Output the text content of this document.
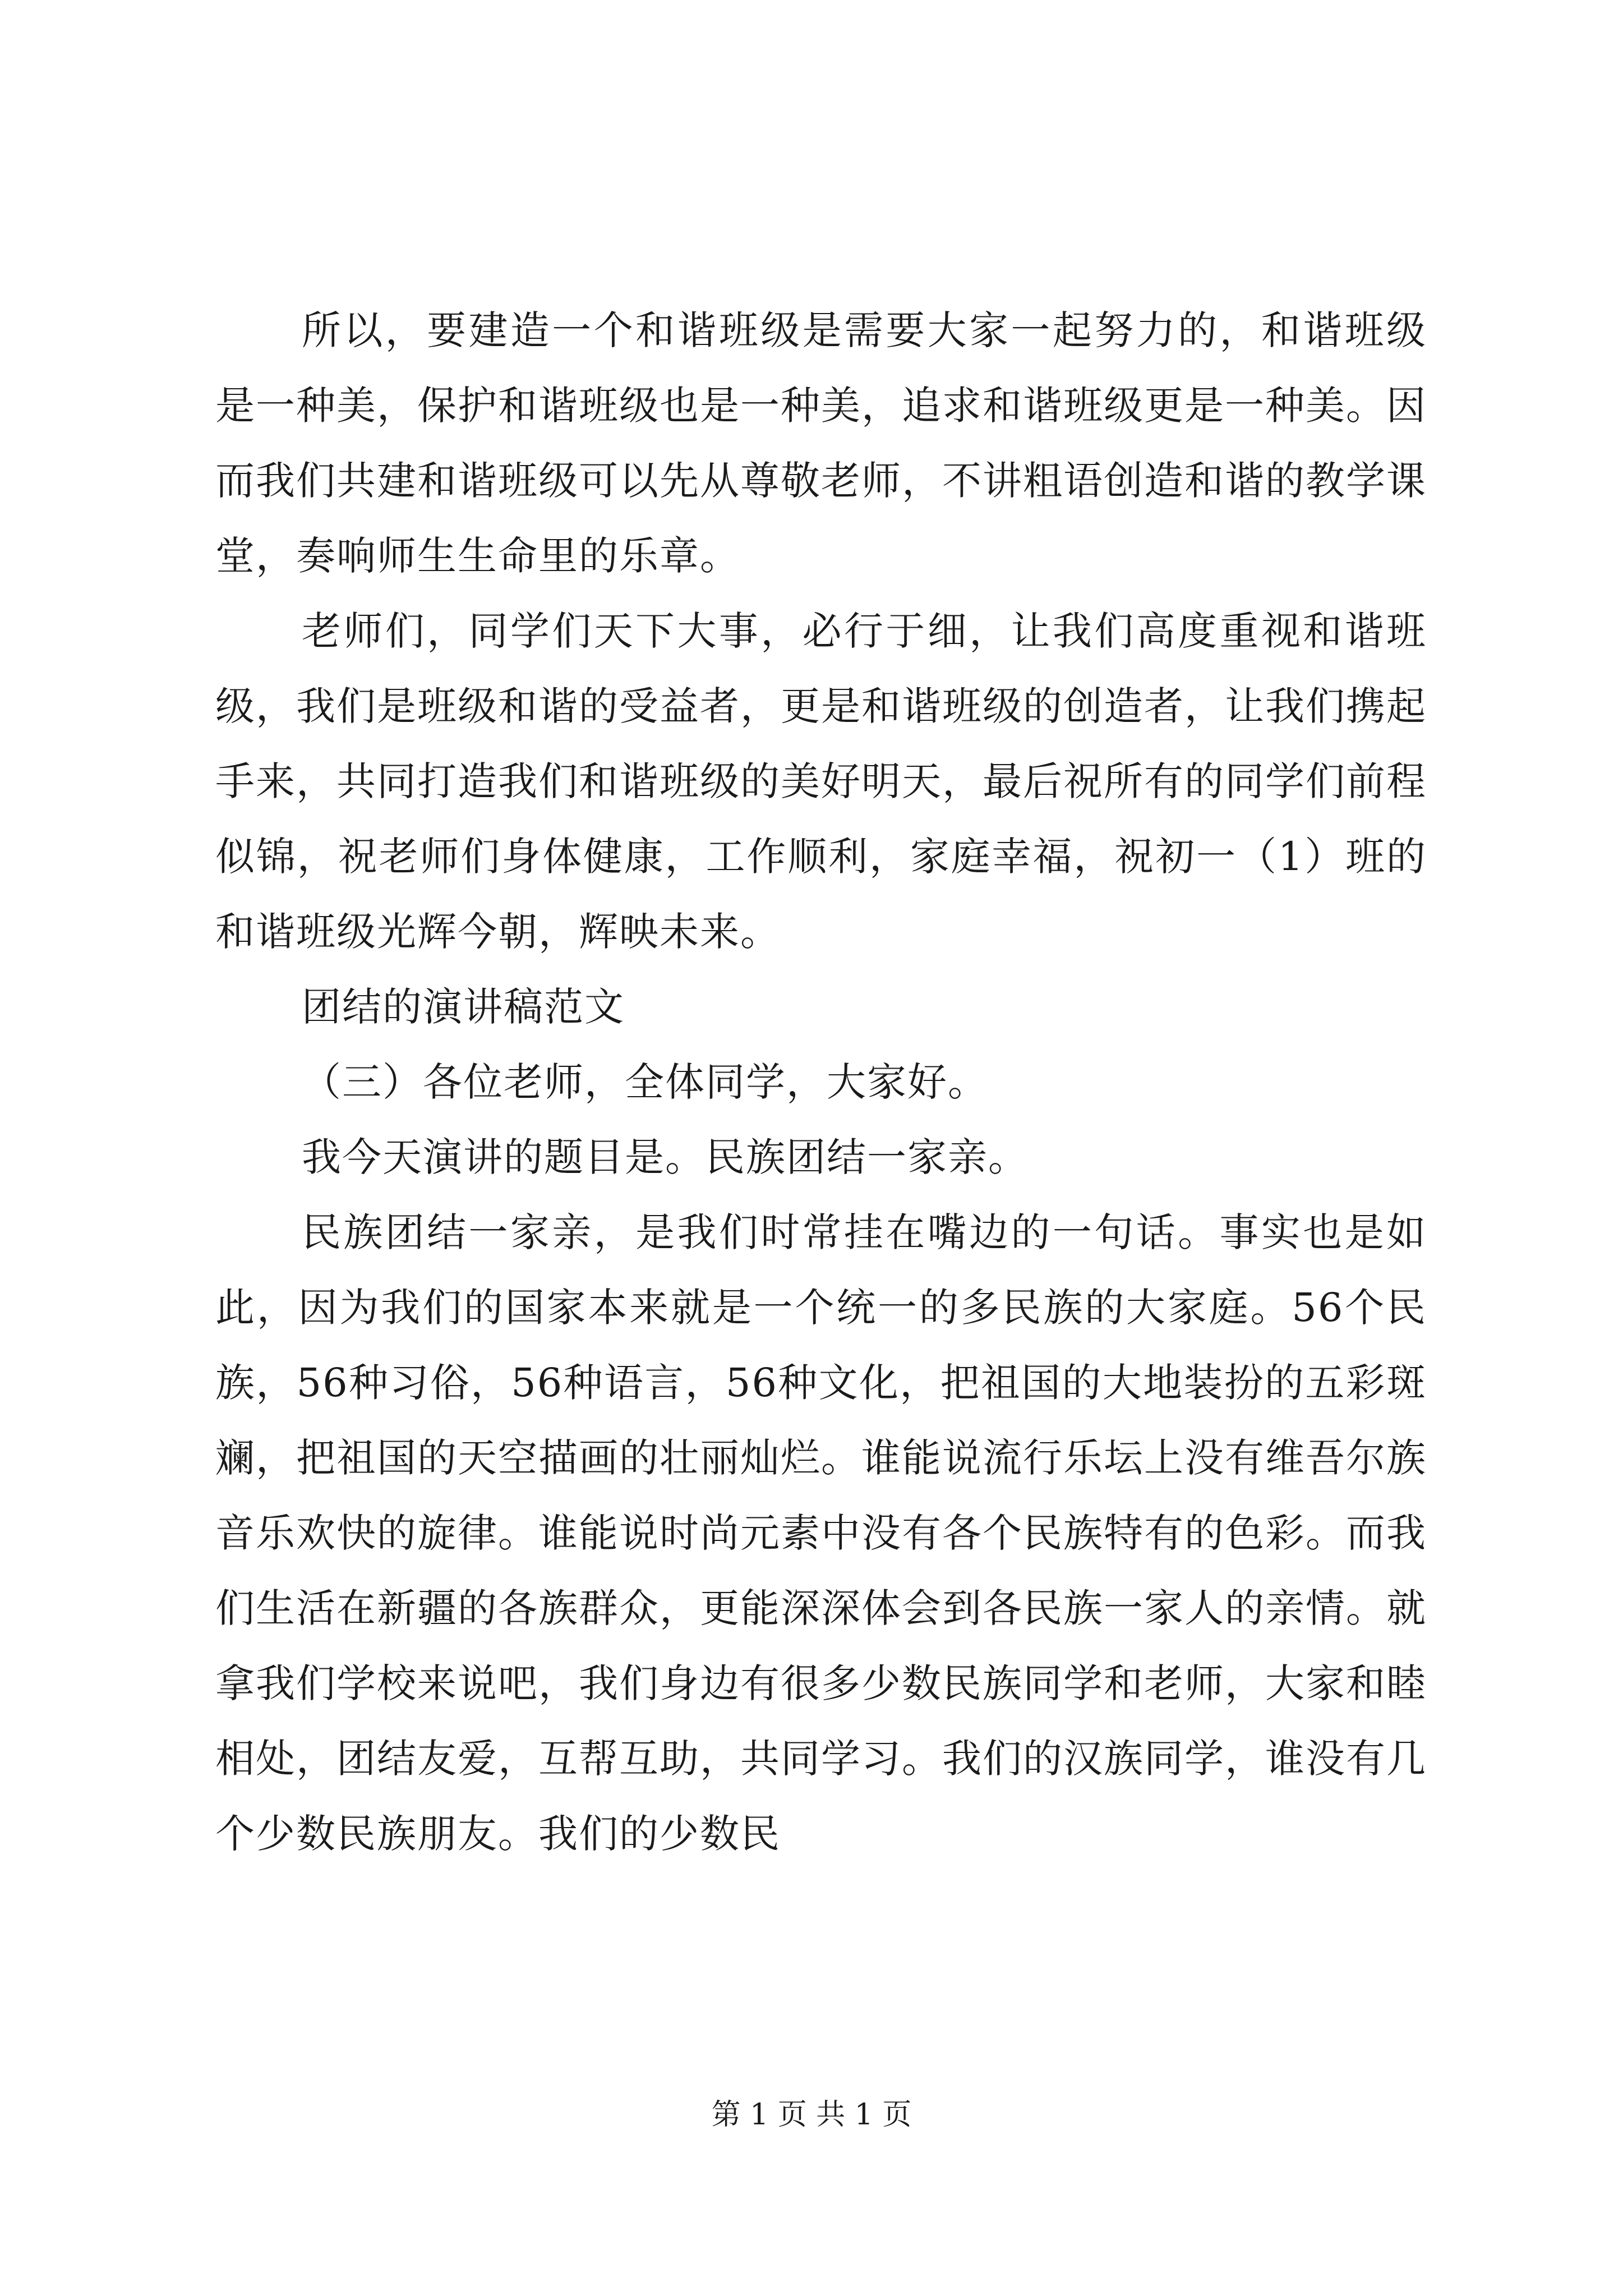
所以，要建造一个和谐班级是需要大家一起努力的，和谐班级是一种美，保护和谐班级也是一种美，追求和谐班级更是一种美。因而我们共建和谐班级可以先从尊敬老师，不讲粗语创造和谐的教学课堂，奏响师生生命里的乐章。

老师们，同学们天下大事，必行于细，让我们高度重视和谐班级，我们是班级和谐的受益者，更是和谐班级的创造者，让我们携起手来，共同打造我们和谐班级的美好明天，最后祝所有的同学们前程似锦，祝老师们身体健康，工作顺利，家庭幸福，祝初一（1）班的和谐班级光辉今朝，辉映未来。

团结的演讲稿范文

（三）各位老师，全体同学，大家好。

我今天演讲的题目是。民族团结一家亲。

民族团结一家亲，是我们时常挂在嘴边的一句话。事实也是如此，因为我们的国家本来就是一个统一的多民族的大家庭。56个民族，56种习俗，56种语言，56种文化，把祖国的大地装扮的五彩斑斓，把祖国的天空描画的壮丽灿烂。谁能说流行乐坛上没有维吾尔族音乐欢快的旋律。谁能说时尚元素中没有各个民族特有的色彩。而我们生活在新疆的各族群众，更能深深体会到各民族一家人的亲情。就拿我们学校来说吧，我们身边有很多少数民族同学和老师，大家和睦相处，团结友爱，互帮互助，共同学习。我们的汉族同学，谁没有几个少数民族朋友。我们的少数民

第 1 页 共 1 页
